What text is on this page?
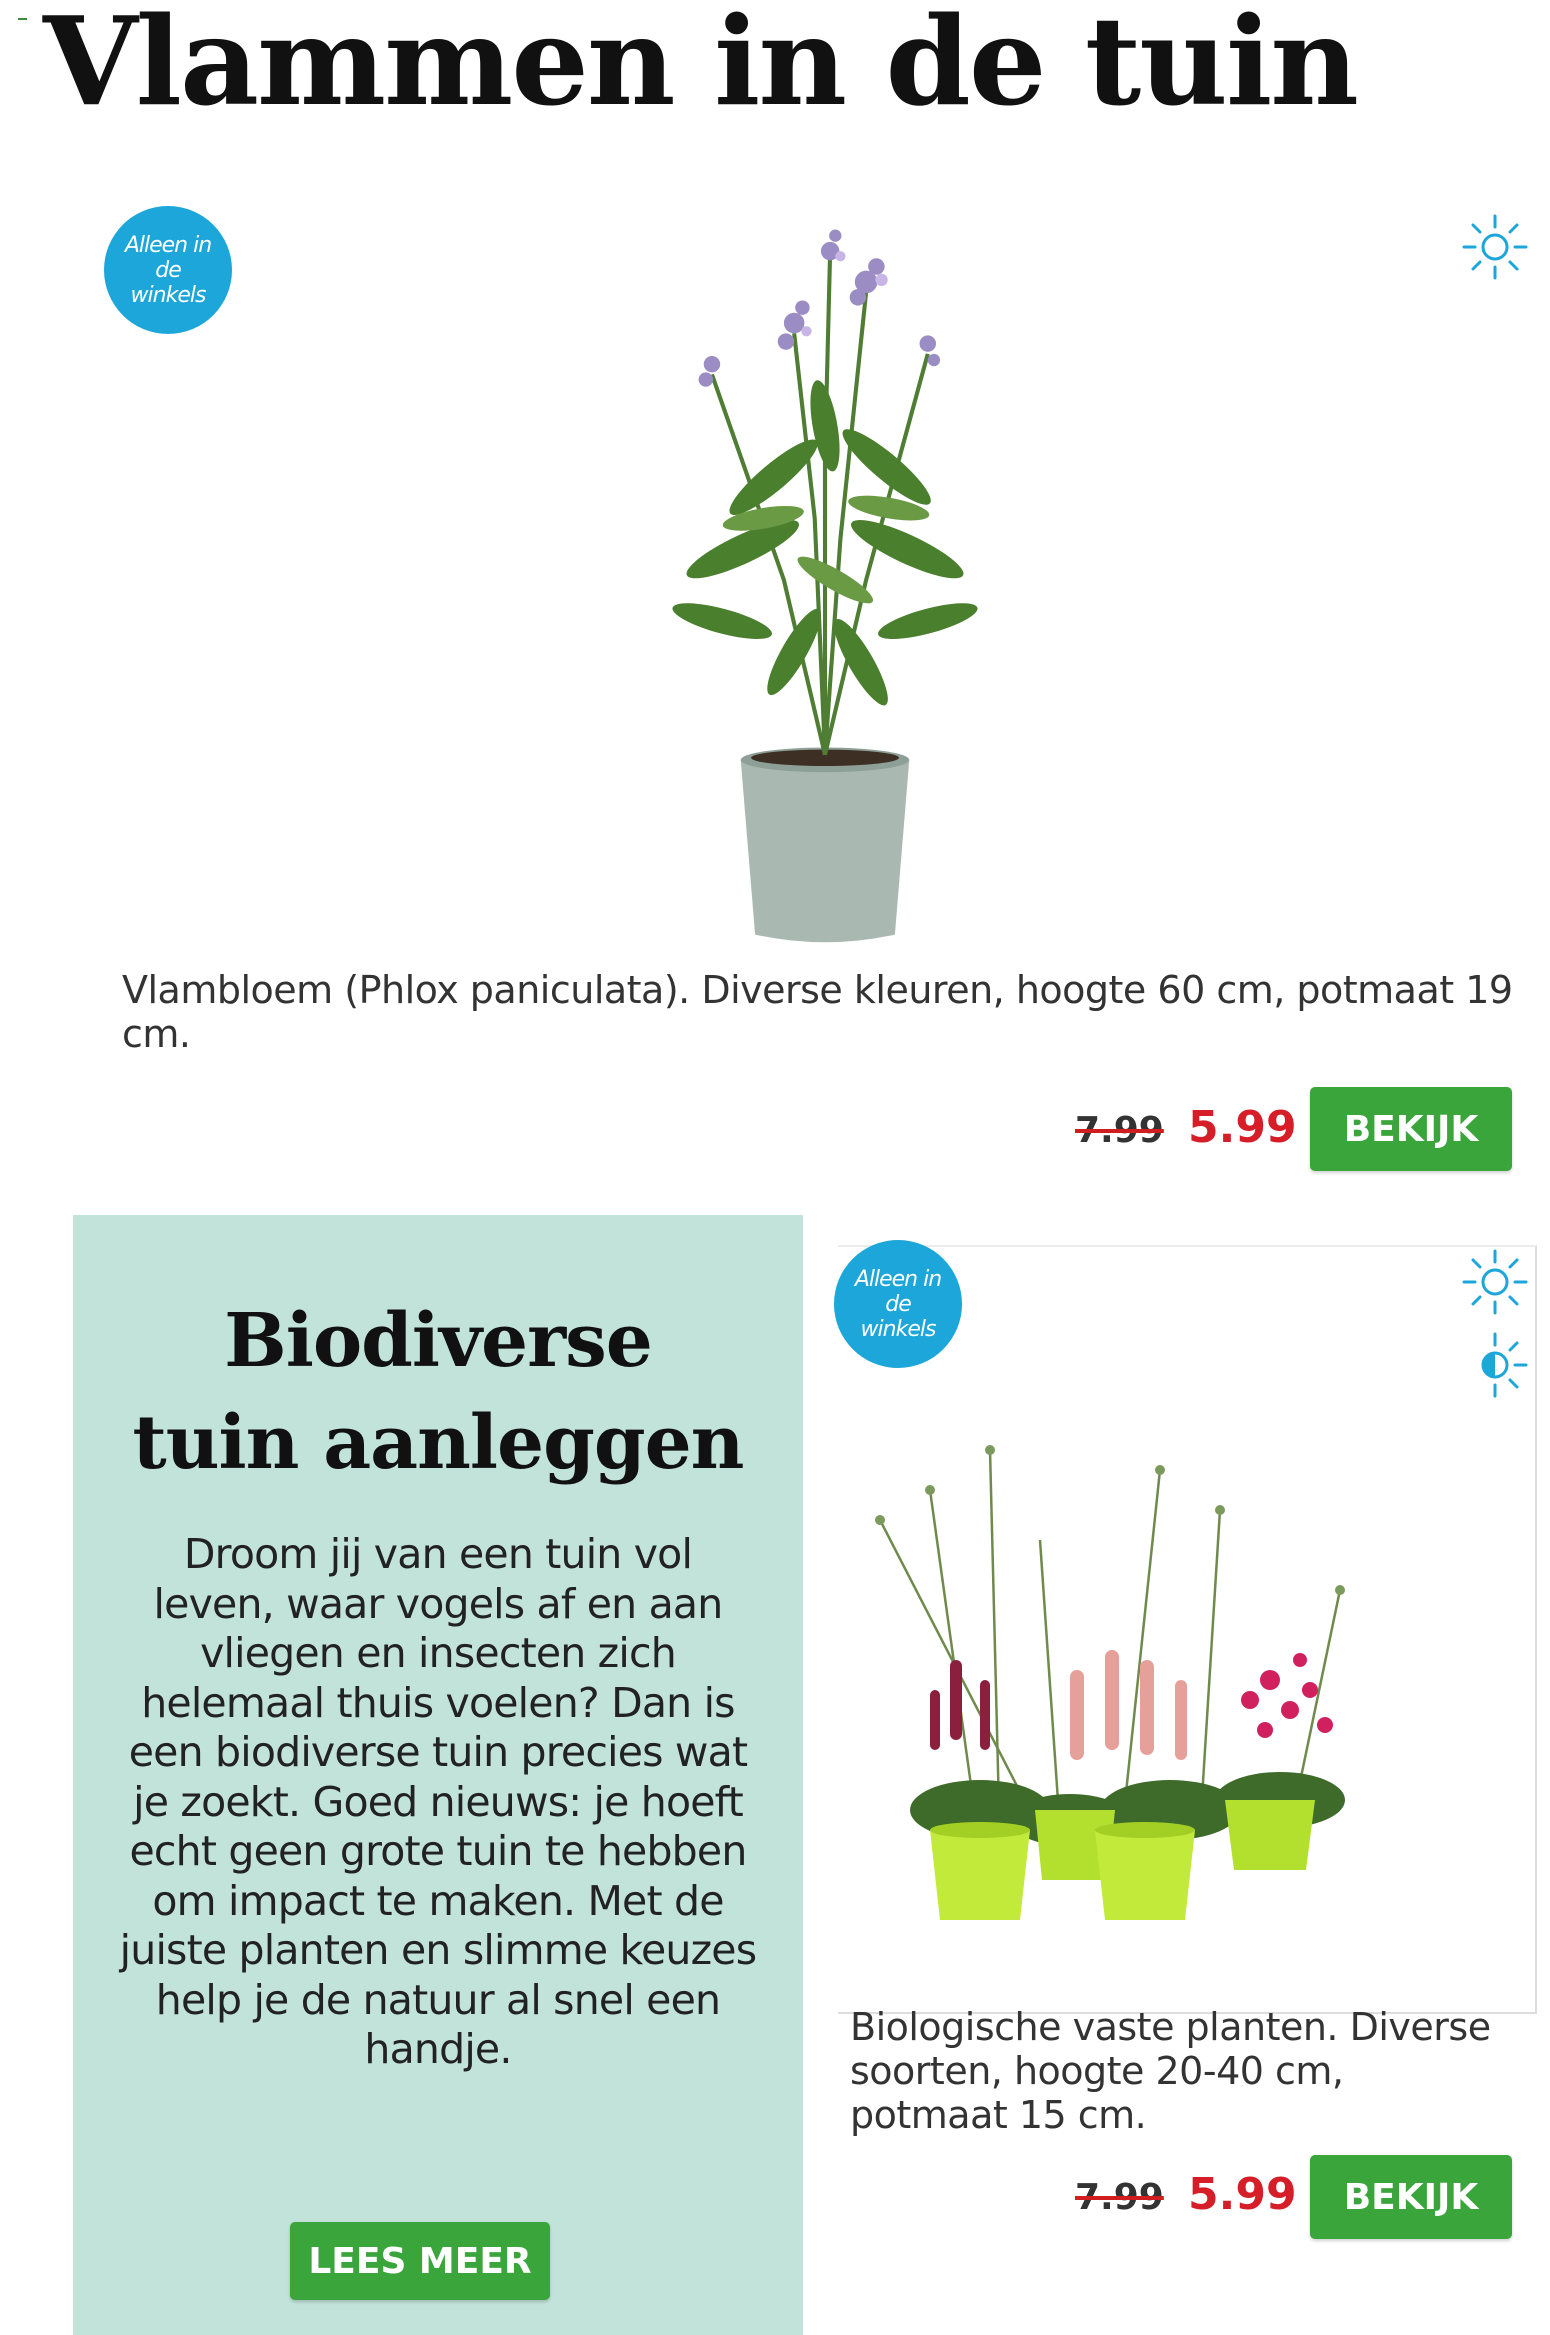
Vlammen in de tuin
Alleen in de winkels
Vlambloem (Phlox paniculata). Diverse kleuren, hoogte 60 cm, potmaat 19 cm.
7.99 5.99	BEKIJK
Biodiverse
tuin aanleggen
Droom jij van een tuin vol leven, waar vogels af en aan vliegen en insecten zich helemaal thuis voelen? Dan is een biodiverse tuin precies wat je zoekt. Goed nieuws: je hoeft echt geen grote tuin te hebben om impact te maken. Met de juiste planten en slimme keuzes help je de natuur al snel een handje.
LEES MEER
Alleen in de winkels
Biologische vaste planten. Diverse soorten, hoogte 20-40 cm, potmaat 15 cm.
7.99 5.99	BEKIJK
